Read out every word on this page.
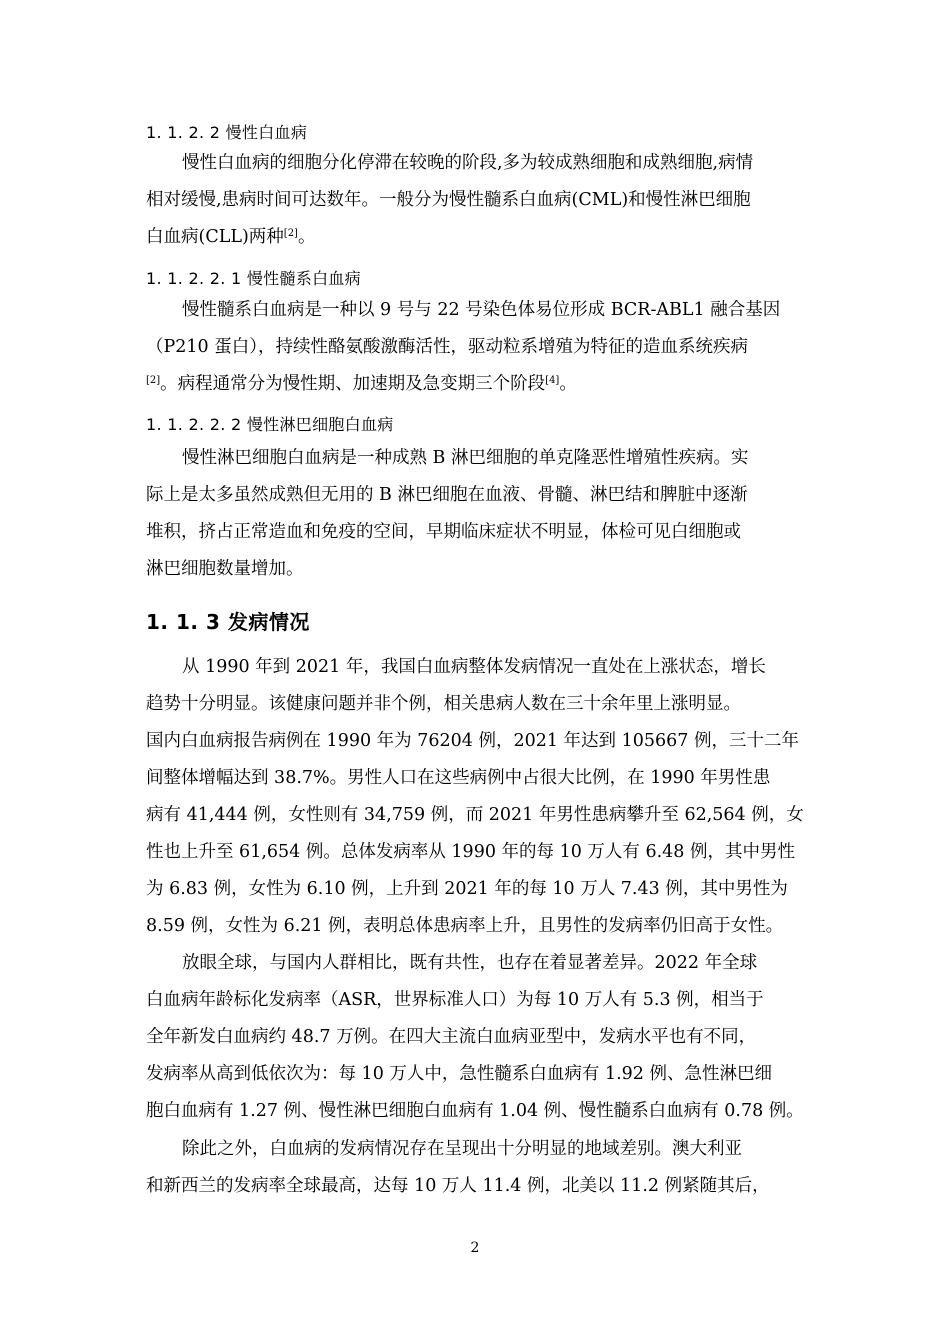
1. 1. 2. 2 慢性白血病
慢性白血病的细胞分化停滞在较晚的阶段,多为较成熟细胞和成熟细胞,病情
相对缓慢,患病时间可达数年。一般分为慢性髓系白血病(CML)和慢性淋巴细胞
白血病(CLL)两种[2]。
1. 1. 2. 2. 1 慢性髓系白血病
慢性髓系白血病是一种以 9 号与 22 号染色体易位形成 BCR-ABL1 融合基因
（P210 蛋白），持续性酪氨酸激酶活性，驱动粒系增殖为特征的造血系统疾病
[2]。病程通常分为慢性期、加速期及急变期三个阶段[4]。
1. 1. 2. 2. 2 慢性淋巴细胞白血病
慢性淋巴细胞白血病是一种成熟 B 淋巴细胞的单克隆恶性增殖性疾病。实
际上是太多虽然成熟但无用的 B 淋巴细胞在血液、骨髓、淋巴结和脾脏中逐渐
堆积，挤占正常造血和免疫的空间，早期临床症状不明显，体检可见白细胞或
淋巴细胞数量增加。
1. 1. 3 发病情况
从 1990 年到 2021 年，我国白血病整体发病情况一直处在上涨状态，增长
趋势十分明显。该健康问题并非个例，相关患病人数在三十余年里上涨明显。
国内白血病报告病例在 1990 年为 76204 例，2021 年达到 105667 例，三十二年
间整体增幅达到 38.7%。男性人口在这些病例中占很大比例，在 1990 年男性患
病有 41,444 例，女性则有 34,759 例，而 2021 年男性患病攀升至 62,564 例，女
性也上升至 61,654 例。总体发病率从 1990 年的每 10 万人有 6.48 例，其中男性
为 6.83 例，女性为 6.10 例，上升到 2021 年的每 10 万人 7.43 例，其中男性为
8.59 例，女性为 6.21 例，表明总体患病率上升，且男性的发病率仍旧高于女性。
放眼全球，与国内人群相比，既有共性，也存在着显著差异。2022 年全球
白血病年龄标化发病率（ASR，世界标准人口）为每 10 万人有 5.3 例，相当于
全年新发白血病约 48.7 万例。在四大主流白血病亚型中，发病水平也有不同，
发病率从高到低依次为：每 10 万人中，急性髓系白血病有 1.92 例、急性淋巴细
胞白血病有 1.27 例、慢性淋巴细胞白血病有 1.04 例、慢性髓系白血病有 0.78 例。
除此之外，白血病的发病情况存在呈现出十分明显的地域差别。澳大利亚
和新西兰的发病率全球最高，达每 10 万人 11.4 例，北美以 11.2 例紧随其后，
2
